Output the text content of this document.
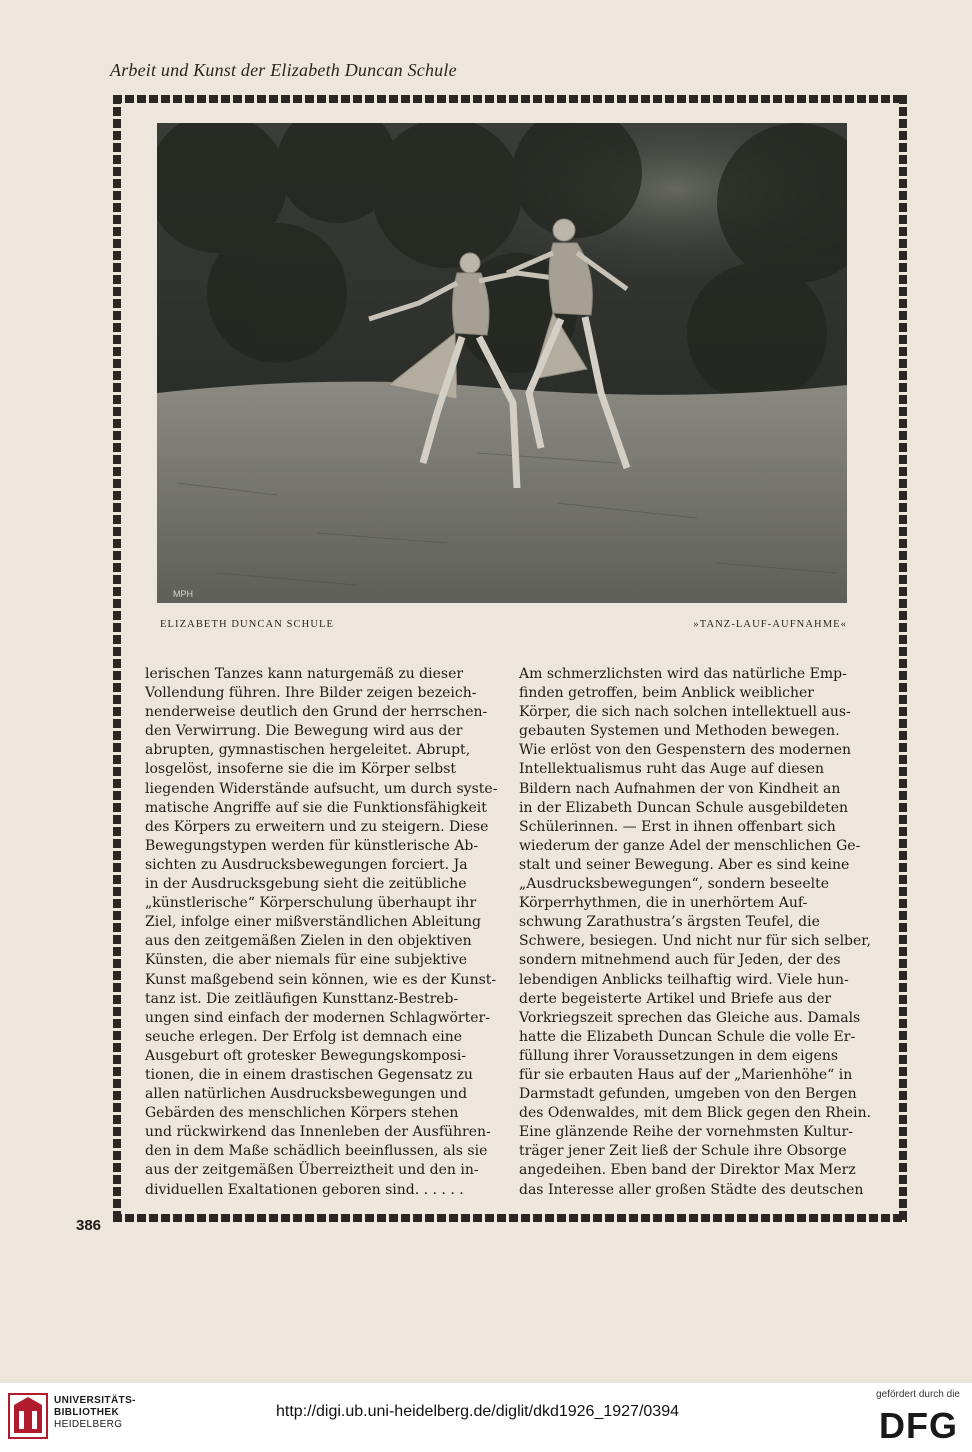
Arbeit und Kunst der Elizabeth Duncan Schule
MPH
ELIZABETH DUNCAN SCHULE	»TANZ-LAUF-AUFNAHME«
lerischen Tanzes kann naturgemäß zu dieser
Vollendung führen. Ihre Bilder zeigen bezeich-
nenderweise deutlich den Grund der herrschen-
den Verwirrung. Die Bewegung wird aus der
abrupten, gymnastischen hergeleitet. Abrupt,
losgelöst, insoferne sie die im Körper selbst
liegenden Widerstände aufsucht, um durch syste-
matische Angriffe auf sie die Funktionsfähigkeit
des Körpers zu erweitern und zu steigern. Diese
Bewegungstypen werden für künstlerische Ab-
sichten zu Ausdrucksbewegungen forciert. Ja
in der Ausdrucksgebung sieht die zeitübliche
„künstlerische“ Körperschulung überhaupt ihr
Ziel, infolge einer mißverständlichen Ableitung
aus den zeitgemäßen Zielen in den objektiven
Künsten, die aber niemals für eine subjektive
Kunst maßgebend sein können, wie es der Kunst-
tanz ist. Die zeitläufigen Kunsttanz-Bestreb-
ungen sind einfach der modernen Schlagwörter-
seuche erlegen. Der Erfolg ist demnach eine
Ausgeburt oft grotesker Bewegungskomposi-
tionen, die in einem drastischen Gegensatz zu
allen natürlichen Ausdrucksbewegungen und
Gebärden des menschlichen Körpers stehen
und rückwirkend das Innenleben der Ausführen-
den in dem Maße schädlich beeinflussen, als sie
aus der zeitgemäßen Überreiztheit und den in-
dividuellen Exaltationen geboren sind. . . . . .
Am schmerzlichsten wird das natürliche Emp-
finden getroffen, beim Anblick weiblicher
Körper, die sich nach solchen intellektuell aus-
gebauten Systemen und Methoden bewegen.
Wie erlöst von den Gespenstern des modernen
Intellektualismus ruht das Auge auf diesen
Bildern nach Aufnahmen der von Kindheit an
in der Elizabeth Duncan Schule ausgebildeten
Schülerinnen. — Erst in ihnen offenbart sich
wiederum der ganze Adel der menschlichen Ge-
stalt und seiner Bewegung. Aber es sind keine
„Ausdrucksbewegungen“, sondern beseelte
Körperrhythmen, die in unerhörtem Auf-
schwung Zarathustra’s ärgsten Teufel, die
Schwere, besiegen. Und nicht nur für sich selber,
sondern mitnehmend auch für Jeden, der des
lebendigen Anblicks teilhaftig wird. Viele hun-
derte begeisterte Artikel und Briefe aus der
Vorkriegszeit sprechen das Gleiche aus. Damals
hatte die Elizabeth Duncan Schule die volle Er-
füllung ihrer Voraussetzungen in dem eigens
für sie erbauten Haus auf der „Marienhöhe“ in
Darmstadt gefunden, umgeben von den Bergen
des Odenwaldes, mit dem Blick gegen den Rhein.
Eine glänzende Reihe der vornehmsten Kultur-
träger jener Zeit ließ der Schule ihre Obsorge
angedeihen. Eben band der Direktor Max Merz
das Interesse aller großen Städte des deutschen
386
UNIVERSITÄTS-
BIBLIOTHEK
HEIDELBERG
http://digi.ub.uni-heidelberg.de/diglit/dkd1926_1927/0394
gefördert durch die
DFG
